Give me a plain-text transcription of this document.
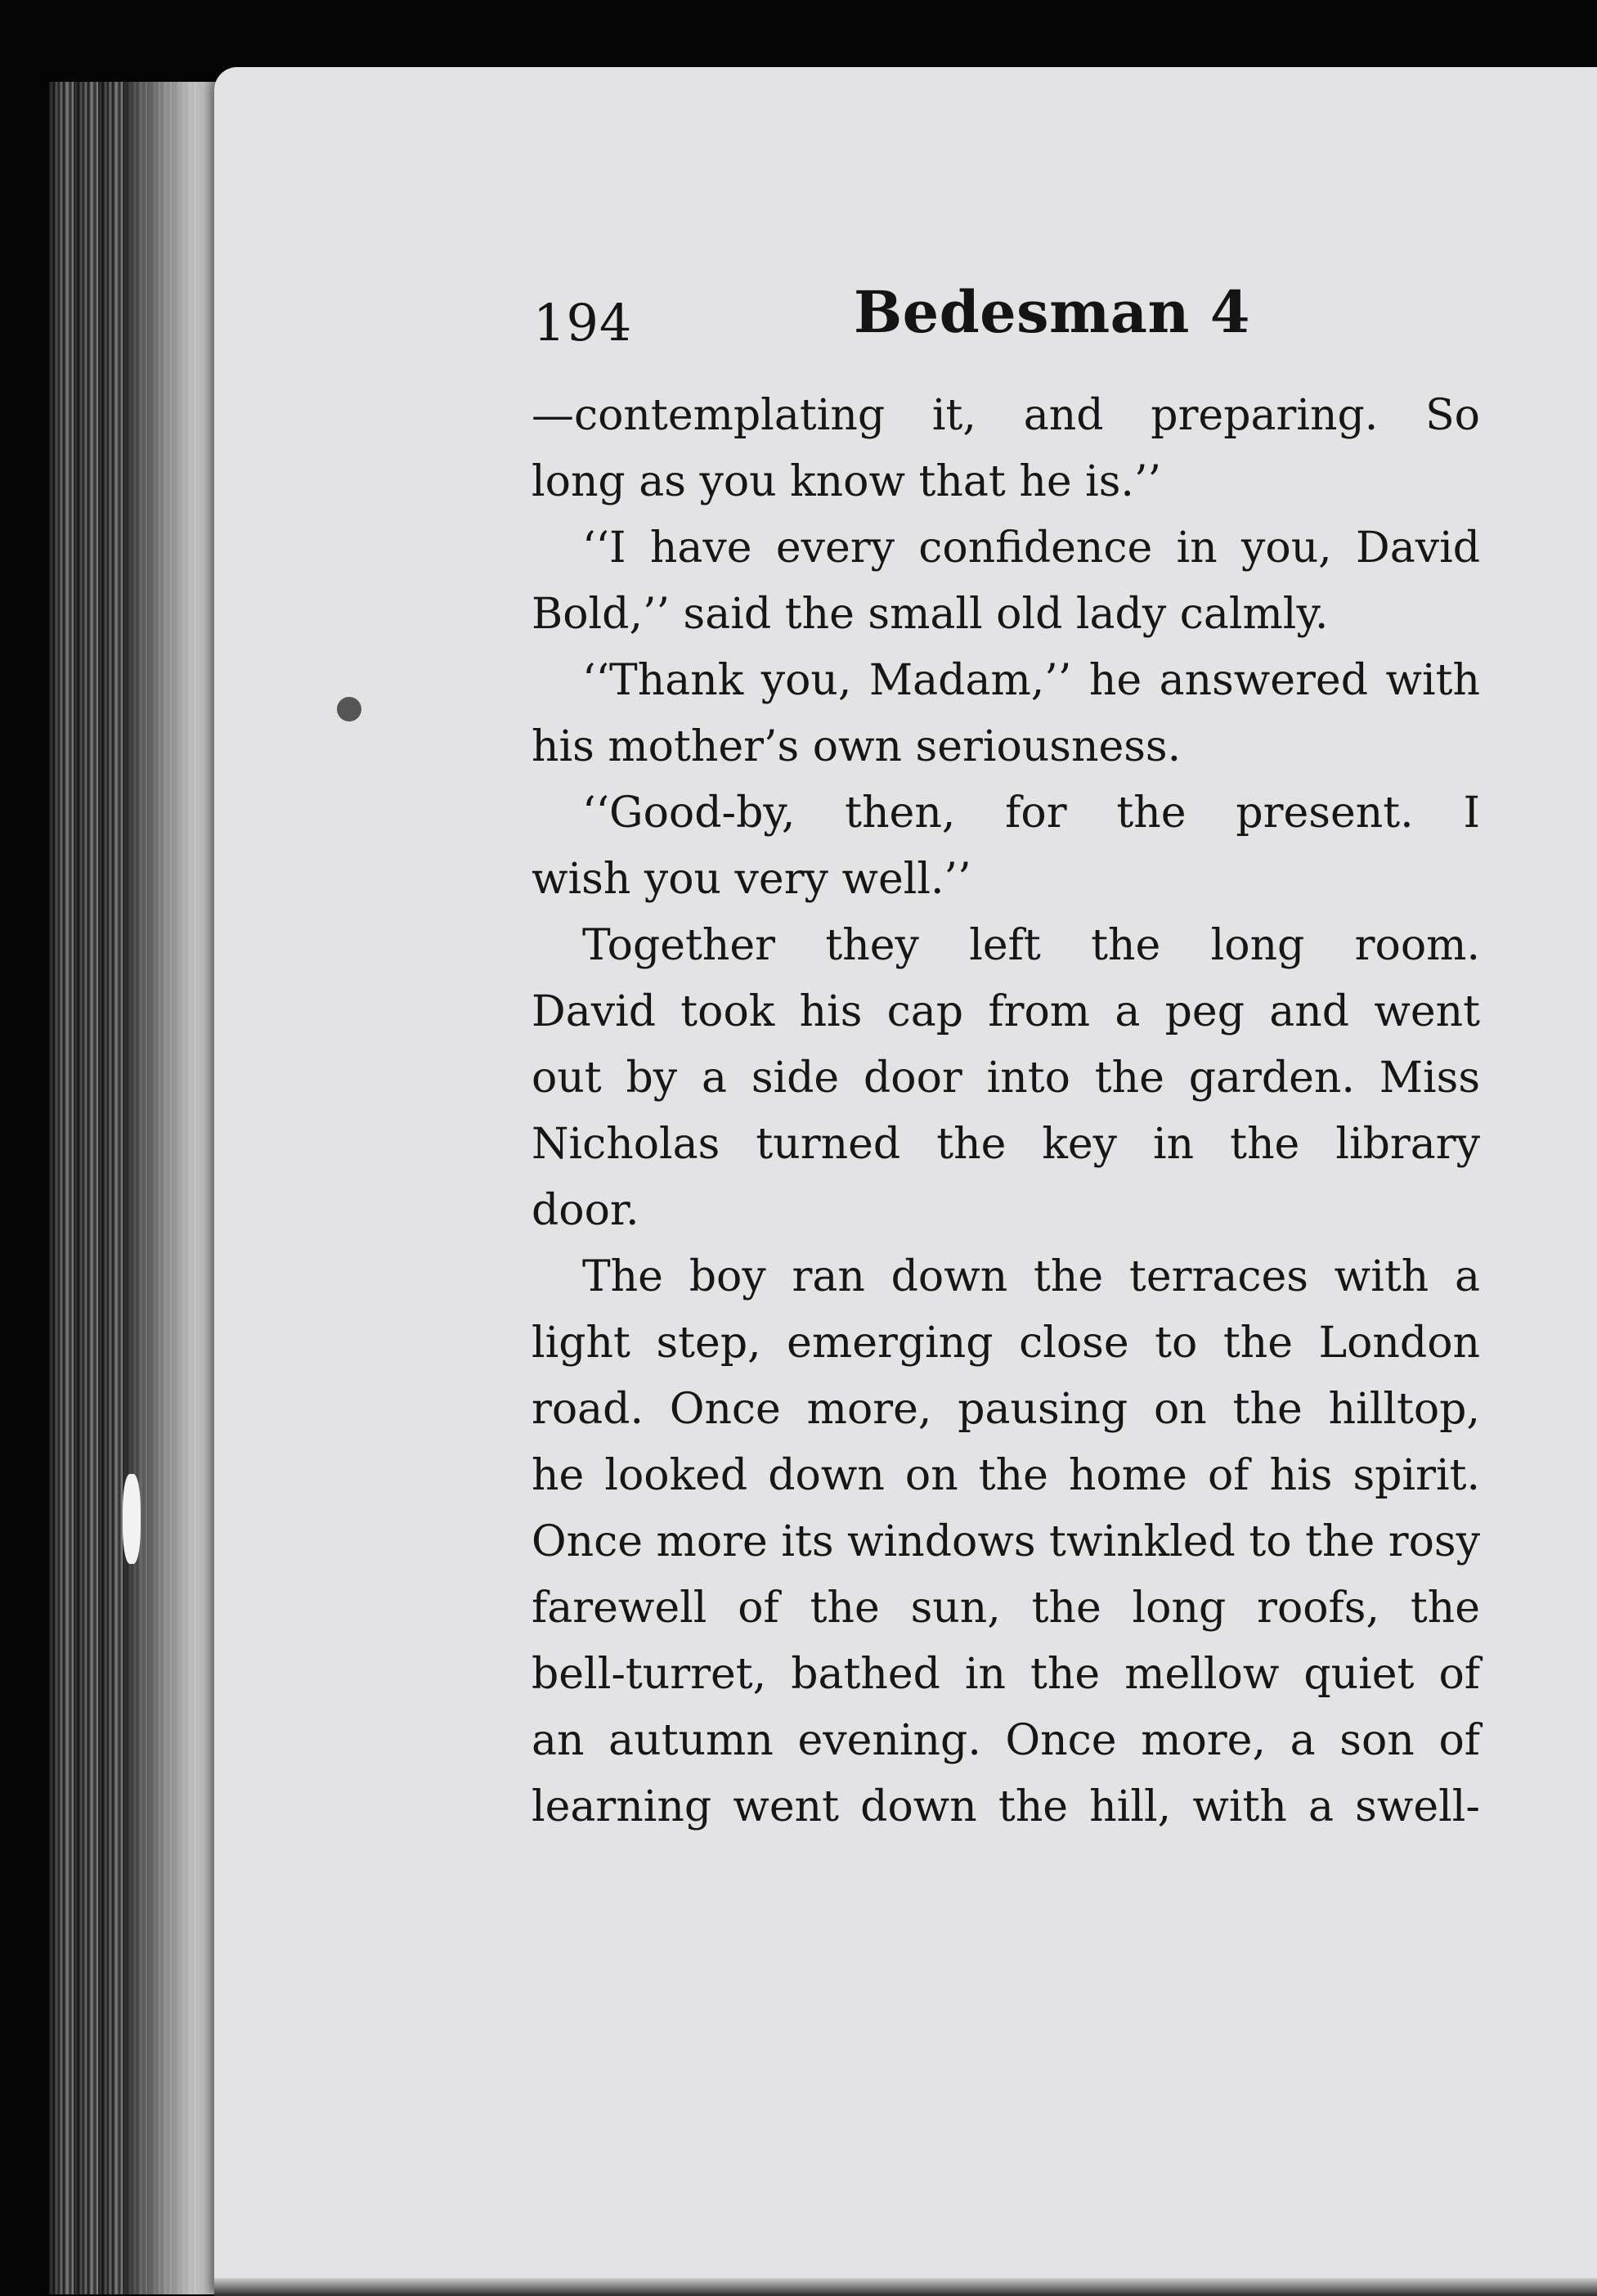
194	Bedesman 4
—contemplating it, and preparing. So
long as you know that he is.’’
‘‘I have every confidence in you, David
Bold,’’ said the small old lady calmly.
‘‘Thank you, Madam,’’ he answered with
his mother’s own seriousness.
‘‘Good-by, then, for the present. I
wish you very well.’’
Together they left the long room.
David took his cap from a peg and went
out by a side door into the garden. Miss
Nicholas turned the key in the library
door.
The boy ran down the terraces with a
light step, emerging close to the London
road. Once more, pausing on the hilltop,
he looked down on the home of his spirit.
Once more its windows twinkled to the rosy
farewell of the sun, the long roofs, the
bell-turret, bathed in the mellow quiet of
an autumn evening. Once more, a son of
learning went down the hill, with a swell-
